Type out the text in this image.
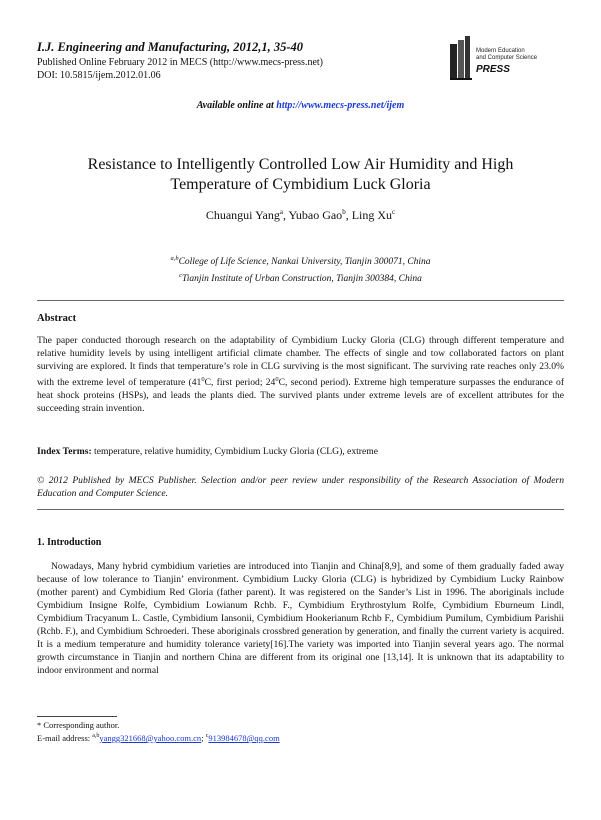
I.J. Engineering and Manufacturing, 2012,1, 35-40
Published Online February 2012 in MECS (http://www.mecs-press.net)
DOI: 10.5815/ijem.2012.01.06
Modern Education
and Computer Science
PRESS
Available online at http://www.mecs-press.net/ijem
Resistance to Intelligently Controlled Low Air Humidity and High
Temperature of Cymbidium Luck Gloria
Chuangui Yang$^a$, Yubao Gao$^b$, Ling Xu$^c$
$^{a,b}$College of Life Science, Nankai University, Tianjin 300071, China
$^c$Tianjin Institute of Urban Construction, Tianjin 300384, China
Abstract
The paper conducted thorough research on the adaptability of Cymbidium Lucky Gloria (CLG) through different temperature and relative humidity levels by using intelligent artificial climate chamber. The effects of single and tow collaborated factors on plant surviving are explored. It finds that temperature’s role in CLG surviving is the most significant. The surviving rate reaches only 23.0% with the extreme level of temperature ($41^0C$, first period; $24^0C$, second period). Extreme high temperature surpasses the endurance of heat shock proteins (HSPs), and leads the plants died. The survived plants under extreme levels are of excellent attributes for the succeeding strain invention.
Index Terms: temperature, relative humidity, Cymbidium Lucky Gloria (CLG), extreme
© 2012 Published by MECS Publisher. Selection and/or peer review under responsibility of the Research Association of Modern Education and Computer Science.
1. Introduction
Nowadays, Many hybrid cymbidium varieties are introduced into Tianjin and China[8,9], and some of them gradually faded away because of low tolerance to Tianjin’ environment. Cymbidium Lucky Gloria (CLG) is hybridized by Cymbidium Lucky Rainbow (mother parent) and Cymbidium Red Gloria (father parent). It was registered on the Sander’s List in 1996. The aboriginals include Cymbidium Insigne Rolfe, Cymbidium Lowianum Rchb. F., Cymbidium Erythrostylum Rolfe, Cymbidium Eburneum Lindl, Cymbidium Tracyanum L. Castle, Cymbidium Iansonii, Cymbidium Hookerianum Rchb F., Cymbidium Pumilum, Cymbidium Parishii (Rchb. F.), and Cymbidium Schroederi. These aboriginals crossbred generation by generation, and finally the current variety is acquired. It is a medium temperature and humidity tolerance variety[16].The variety was imported into Tianjin several years ago. The normal growth circumstance in Tianjin and northern China are different from its original one [13,14]. It is unknown that its adaptability to indoor environment and normal
* Corresponding author.
E-mail address: $^{a,b}$yangg321668@yahoo.com.cn; $^c$913984678@qq.com
